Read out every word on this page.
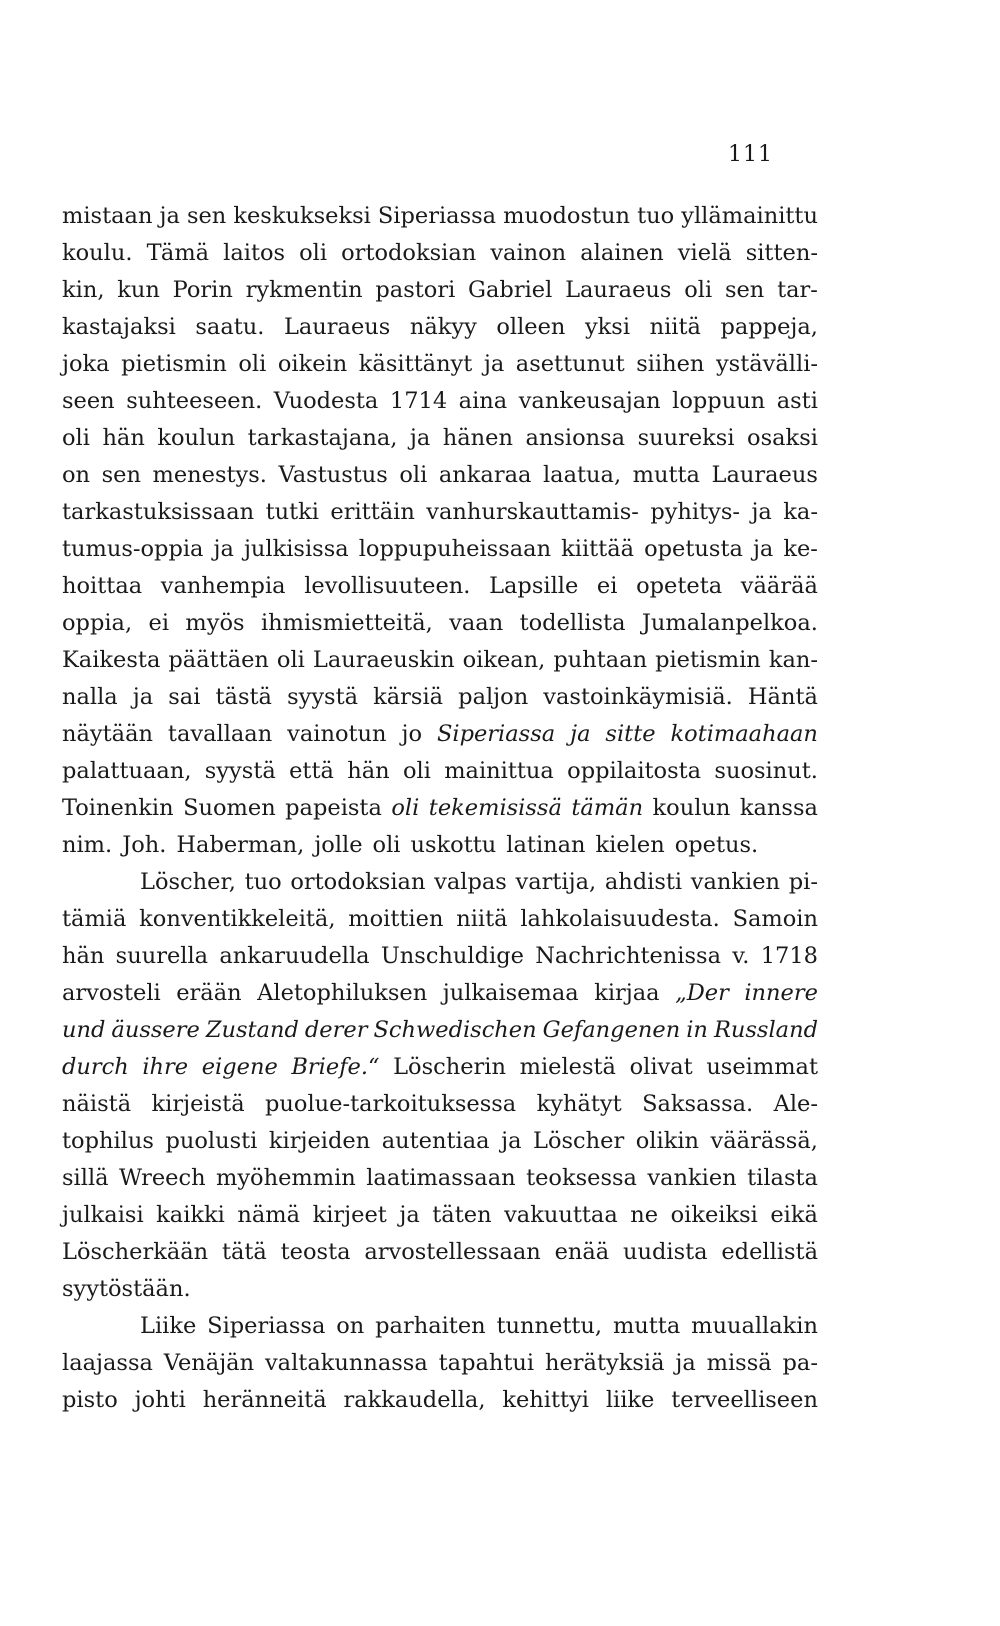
111
mistaan ja sen keskukseksi Siperiassa muodostun tuo yllämainittu
koulu. Tämä laitos oli ortodoksian vainon alainen vielä sitten-
kin, kun Porin rykmentin pastori Gabriel Lauraeus oli sen tar-
kastajaksi saatu. Lauraeus näkyy olleen yksi niitä pappeja,
joka pietismin oli oikein käsittänyt ja asettunut siihen ystävälli-
seen suhteeseen. Vuodesta 1714 aina vankeusajan loppuun asti
oli hän koulun tarkastajana, ja hänen ansionsa suureksi osaksi
on sen menestys. Vastustus oli ankaraa laatua, mutta Lauraeus
tarkastuksissaan tutki erittäin vanhurskauttamis- pyhitys- ja ka-
tumus-oppia ja julkisissa loppupuheissaan kiittää opetusta ja ke-
hoittaa vanhempia levollisuuteen. Lapsille ei opeteta väärää
oppia, ei myös ihmismietteitä, vaan todellista Jumalanpelkoa.
Kaikesta päättäen oli Lauraeuskin oikean, puhtaan pietismin kan-
nalla ja sai tästä syystä kärsiä paljon vastoinkäymisiä. Häntä
näytään tavallaan vainotun jo Siperiassa ja sitte kotimaahaan
palattuaan, syystä että hän oli mainittua oppilaitosta suosinut.
Toinenkin Suomen papeista oli tekemisissä tämän koulun kanssa
nim. Joh. Haberman, jolle oli uskottu latinan kielen opetus.
Löscher, tuo ortodoksian valpas vartija, ahdisti vankien pi-
tämiä konventikkeleitä, moittien niitä lahkolaisuudesta. Samoin
hän suurella ankaruudella Unschuldige Nachrichtenissa v. 1718
arvosteli erään Aletophiluksen julkaisemaa kirjaa „Der innere
und äussere Zustand derer Schwedischen Gefangenen in Russland
durch ihre eigene Briefe.“ Löscherin mielestä olivat useimmat
näistä kirjeistä puolue-tarkoituksessa kyhätyt Saksassa. Ale-
tophilus puolusti kirjeiden autentiaa ja Löscher olikin väärässä,
sillä Wreech myöhemmin laatimassaan teoksessa vankien tilasta
julkaisi kaikki nämä kirjeet ja täten vakuuttaa ne oikeiksi eikä
Löscherkään tätä teosta arvostellessaan enää uudista edellistä
syytöstään.
Liike Siperiassa on parhaiten tunnettu, mutta muuallakin
laajassa Venäjän valtakunnassa tapahtui herätyksiä ja missä pa-
pisto johti heränneitä rakkaudella, kehittyi liike terveelliseen
